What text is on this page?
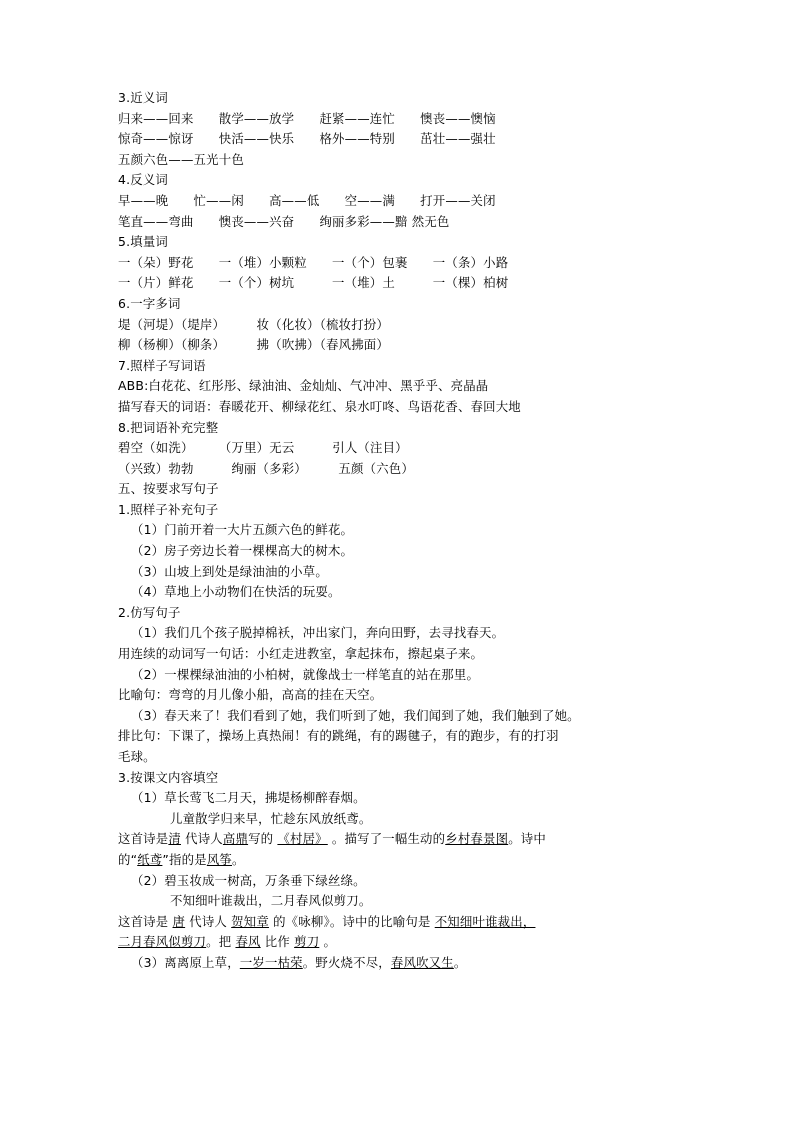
3.近义词
归来——回来　　散学——放学　　赶紧——连忙　　懊丧——懊恼
惊奇——惊讶　　快活——快乐　　格外——特别　　茁壮——强壮
五颜六色——五光十色
4.反义词
早——晚　　忙——闲　　高——低　　空——满　　打开——关闭
笔直——弯曲　　懊丧——兴奋　　绚丽多彩——黯 然无色
5.填量词
一（朵）野花　　一（堆）小颗粒　　一（个）包裹　　一（条）小路
一（片）鲜花　　一（个）树坑　　　一（堆）土　　　一（棵）柏树
6.一字多词
堤（河堤）（堤岸）　　　妆（化妆）（梳妆打扮）
柳（杨柳）（柳条）　　　拂（吹拂）（春风拂面）
7.照样子写词语
ABB:白花花、红彤彤、绿油油、金灿灿、气冲冲、黑乎乎、亮晶晶
描写春天的词语：春暖花开、柳绿花红、泉水叮咚、鸟语花香、春回大地
8.把词语补充完整
碧空（如洗）　　　（万里）无云　　　引人（注目）
（兴致）勃勃　　　绚丽（多彩）　　　五颜（六色）
五、按要求写句子
1.照样子补充句子
（1）门前开着一大片五颜六色的鲜花。
（2）房子旁边长着一棵棵高大的树木。
（3）山坡上到处是绿油油的小草。
（4）草地上小动物们在快活的玩耍。
2.仿写句子
（1）我们几个孩子脱掉棉袄，冲出家门，奔向田野，去寻找春天。
用连续的动词写一句话：小红走进教室，拿起抹布，擦起桌子来。
（2）一棵棵绿油油的小柏树，就像战士一样笔直的站在那里。
比喻句：弯弯的月儿像小船，高高的挂在天空。
（3）春天来了！我们看到了她，我们听到了她，我们闻到了她，我们触到了她。
排比句：下课了，操场上真热闹！有的跳绳，有的踢毽子，有的跑步，有的打羽
毛球。
3.按课文内容填空
（1）草长莺飞二月天，拂堤杨柳醉春烟。
儿童散学归来早，忙趁东风放纸鸢。
这首诗是清 代诗人高鼎写的 《村居》 。描写了一幅生动的乡村春景图。诗中
的“纸鸢”指的是风筝。
（2）碧玉妆成一树高，万条垂下绿丝绦。
不知细叶谁裁出，二月春风似剪刀。
这首诗是 唐 代诗人 贺知章 的《咏柳》。诗中的比喻句是 不知细叶谁裁出，
二月春风似剪刀。把 春风 比作 剪刀 。
（3）离离原上草，一岁一枯荣。野火烧不尽，春风吹又生。
